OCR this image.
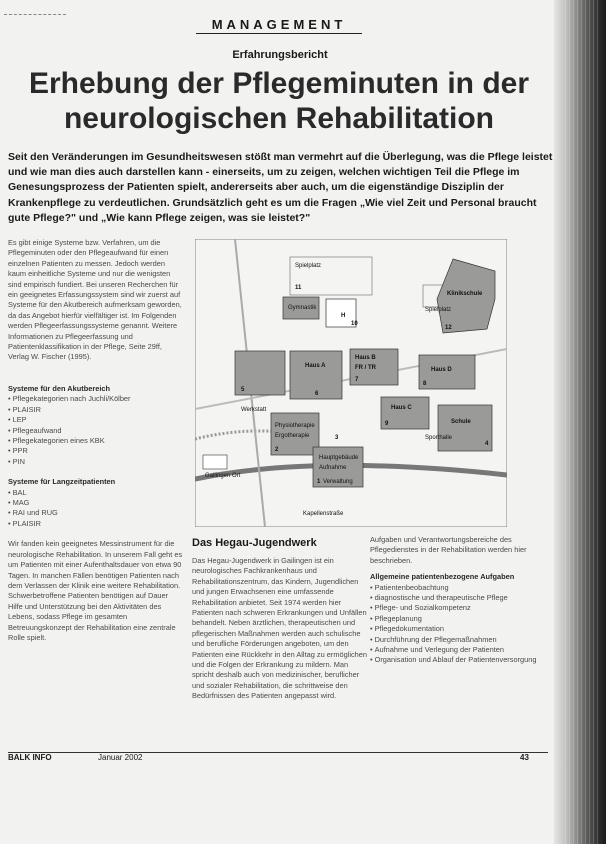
MANAGEMENT
Erfahrungsbericht
Erhebung der Pflegeminuten in der
neurologischen Rehabilitation
Seit den Veränderungen im Gesundheitswesen stößt man vermehrt auf die Überlegung, was die Pflege leistet und wie man dies auch darstellen kann - einerseits, um zu zeigen, welchen wichtigen Teil die Pflege im Genesungsprozess der Patienten spielt, andererseits aber auch, um die eigenständige Disziplin der Krankenpflege zu verdeutlichen. Grundsätzlich geht es um die Fragen „Wie viel Zeit und Personal braucht gute Pflege?" und „Wie kann Pflege zeigen, was sie leistet?"

Es gibt einige Systeme bzw. Verfahren, um die Pflegeminuten oder den Pflegeaufwand für einen einzelnen Patienten zu messen. Jedoch werden kaum einheitliche Systeme und nur die wenigsten sind empirisch fundiert. Bei unseren Recherchen für ein geeignetes Erfassungssystem sind wir zuerst auf Systeme für den Akutbereich aufmerksam geworden, da das Angebot hierfür vielfältiger ist. Im Folgenden werden Pflegeerfassungssysteme genannt. Weitere Informationen zu Pflegeerfassung und Patientenklassifikation in der Pflege, Seite 29ff, Verlag W. Fischer (1995).

Systeme für den Akutbereich

• Pflegekategorien nach Juchli/Kölber
• PLAISIR
• LEP
• Pflegeaufwand
• Pflegekategorien eines KBK
• PPR
• PIN

Systeme für Langzeitpatienten

• BAL
• MAG
• RAI und RUG
• PLAISIR

Wir fanden kein geeignetes Messinstrument für die neurologische Rehabilitation. In unserem Fall geht es um Patienten mit einer Aufenthaltsdauer von etwa 90 Tagen. In manchen Fällen benötigen Patienten nach dem Verlassen der Klinik eine weitere Rehabilitation. Schwerbetroffene Patienten benötigen auf Dauer Hilfe und Unterstützung bei den Aktivitäten des Lebens, sodass Pflege im gesamten Betreuungskonzept der Rehabilitation eine zentrale Rolle spielt.

Spielplatz
11
Gymnastik
H
10
Spielplatz
Klinikschule
12
Haus B
FR / TR
Haus A
Haus D
5
6
7
8
9
Haus C
Schule
Physiotherapie
Ergotherapie
2
3
4
1
Hauptgebäude
Aufnahme
Verwaltung
Gailingen Ort
Kapellenstraße
Sporthalle
Werkstatt
Das Hegau-Jugendwerk

Das Hegau-Jugendwerk in Gailingen ist ein neurologisches Fachkrankenhaus und Rehabilitationszentrum, das Kindern, Jugendlichen und jungen Erwachsenen eine umfassende Rehabilitation anbietet. Seit 1974 werden hier Patienten nach schweren Erkrankungen und Unfällen behandelt. Neben ärztlichen, therapeutischen und pflegerischen Maßnahmen werden auch schulische und berufliche Förderungen angeboten, um den Patienten eine Rückkehr in den Alltag zu ermöglichen und die Folgen der Erkrankung zu mildern. Man spricht deshalb auch von medizinischer, beruflicher und sozialer Rehabilitation, die schrittweise den Bedürfnissen des Patienten angepasst wird.

Aufgaben und Verantwortungsbereiche des Pflegedienstes in der Rehabilitation werden hier beschrieben.

Allgemeine patientenbezogene Aufgaben

• Patientenbeobachtung
• diagnostische und therapeutische Pflege
• Pflege- und Sozialkompetenz
• Pflegeplanung
• Pflegedokumentation
• Durchführung der Pflegemaßnahmen
• Aufnahme und Verlegung der Patienten
• Organisation und Ablauf der Patientenversorgung
BALK INFO	Januar 2002	43
